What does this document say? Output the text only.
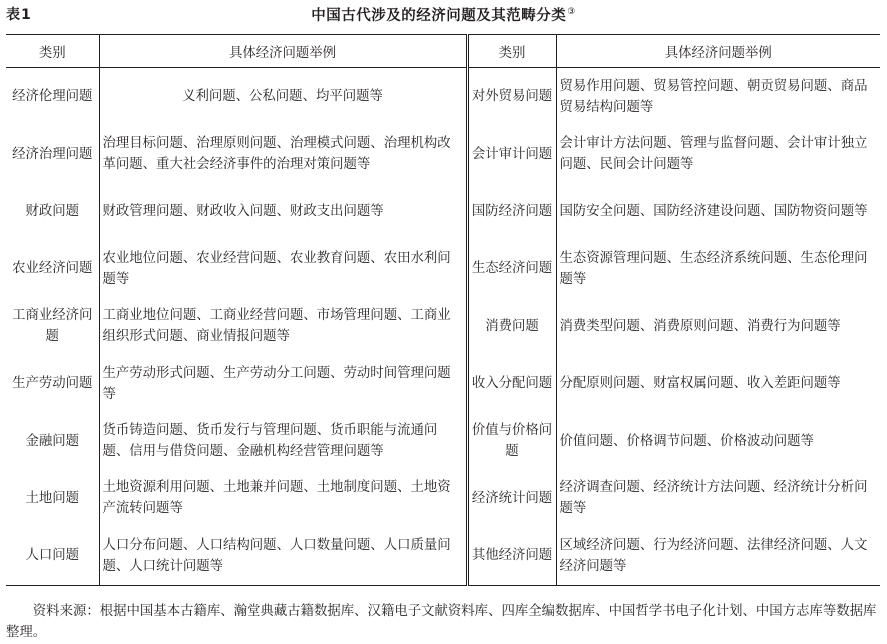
表1	中国古代涉及的经济问题及其范畴分类③
类别	具体经济问题举例	类别	具体经济问题举例
经济伦理问题	义利问题、公私问题、均平问题等	对外贸易问题	贸易作用问题、贸易管控问题、朝贡贸易问题、商品贸易结构问题等
经济治理问题	治理目标问题、治理原则问题、治理模式问题、治理机构改革问题、重大社会经济事件的治理对策问题等	会计审计问题	会计审计方法问题、管理与监督问题、会计审计独立问题、民间会计问题等
财政问题	财政管理问题、财政收入问题、财政支出问题等	国防经济问题	国防安全问题、国防经济建设问题、国防物资问题等
农业经济问题	农业地位问题、农业经营问题、农业教育问题、农田水利问题等	生态经济问题	生态资源管理问题、生态经济系统问题、生态伦理问题等
工商业经济问题	工商业地位问题、工商业经营问题、市场管理问题、工商业组织形式问题、商业情报问题等	消费问题	消费类型问题、消费原则问题、消费行为问题等
生产劳动问题	生产劳动形式问题、生产劳动分工问题、劳动时间管理问题等	收入分配问题	分配原则问题、财富权属问题、收入差距问题等
金融问题	货币铸造问题、货币发行与管理问题、货币职能与流通问题、信用与借贷问题、金融机构经营管理问题等	价值与价格问题	价值问题、价格调节问题、价格波动问题等
土地问题	土地资源利用问题、土地兼并问题、土地制度问题、土地资产流转问题等	经济统计问题	经济调查问题、经济统计方法问题、经济统计分析问题等
人口问题	人口分布问题、人口结构问题、人口数量问题、人口质量问题、人口统计问题等	其他经济问题	区域经济问题、行为经济问题、法律经济问题、人文经济问题等
资料来源：根据中国基本古籍库、瀚堂典藏古籍数据库、汉籍电子文献资料库、四库全编数据库、中国哲学书电子化计划、中国方志库等数据库整理。
